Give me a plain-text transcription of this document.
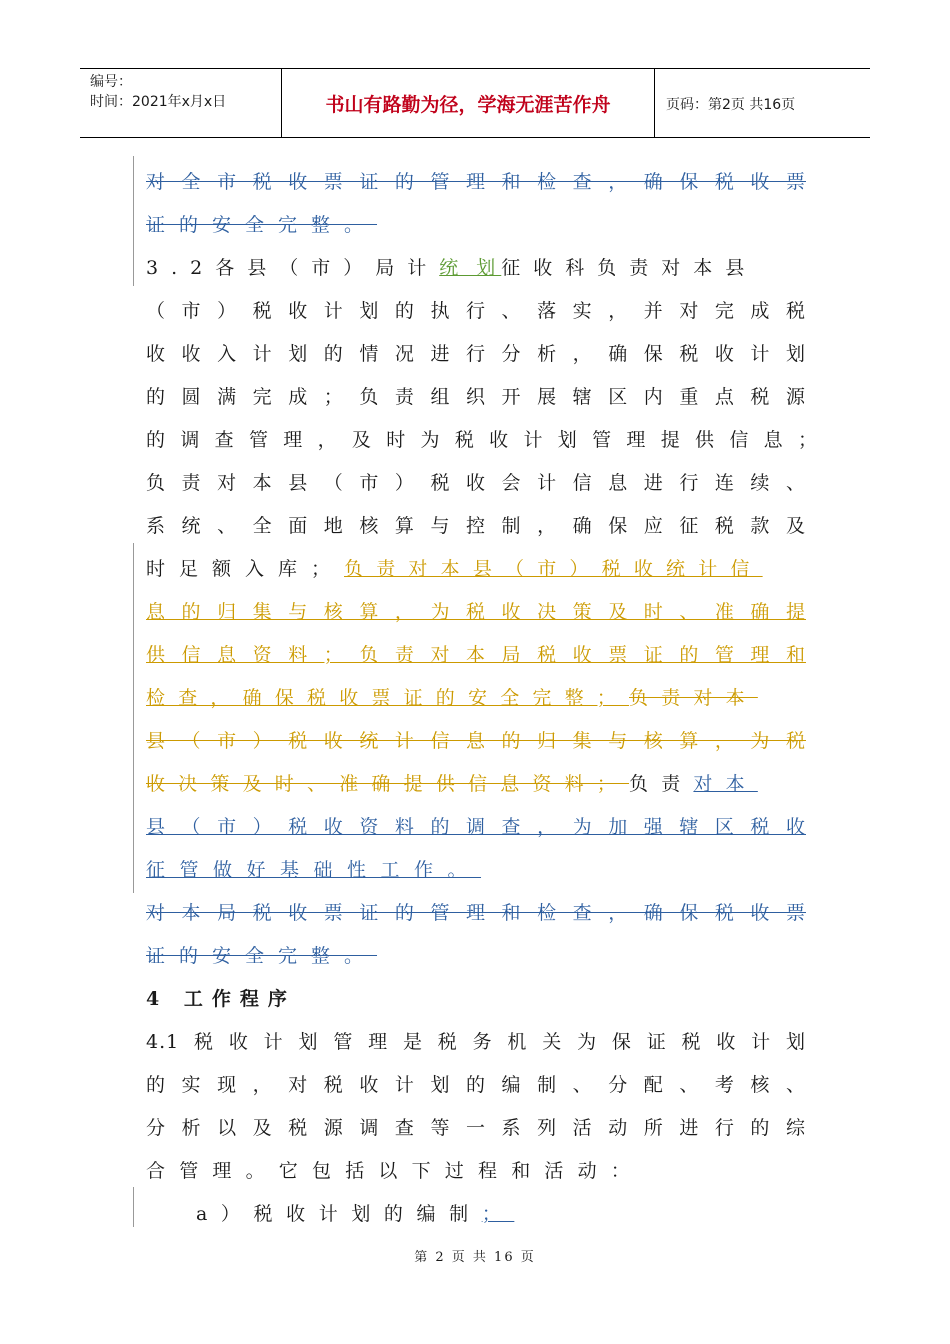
编号：
时间：2021年x月x日	书山有路勤为径，学海无涯苦作舟	页码：第2页 共16页
对全市税收票证的管理和检查，确保税收票
证的安全完整。
3.2各县（市）局计统 划征收科负责对本县
（市）税收计划的执行、落实，并对完成税
收收入计划的情况进行分析，确保税收计划
的圆满完成；负责组织开展辖区内重点税源
的调查管理，及时为税收计划管理提供信息；
负责对本县（市）税收会计信息进行连续、
系统、全面地核算与控制，确保应征税款及
时足额入库；负责对本县（市）税收统计信
息的归集与核算，为税收决策及时、准确提
供信息资料；负责对本局税收票证的管理和
检查，确保税收票证的安全完整；负责对本
县（市）税收统计信息的归集与核算，为税
收决策及时、准确提供信息资料；负责对本
县（市）税收资料的调查，为加强辖区税收
征管做好基础性工作。
对本局税收票证的管理和检查，确保税收票
证的安全完整。
4 工作程序
4.1税收计划管理是税务机关为保证税收计划
的实现，对税收计划的编制、分配、考核、
分析以及税源调查等一系列活动所进行的综
合管理。它包括以下过程和活动：
a）税收计划的编制；
第 2 页 共 16 页
